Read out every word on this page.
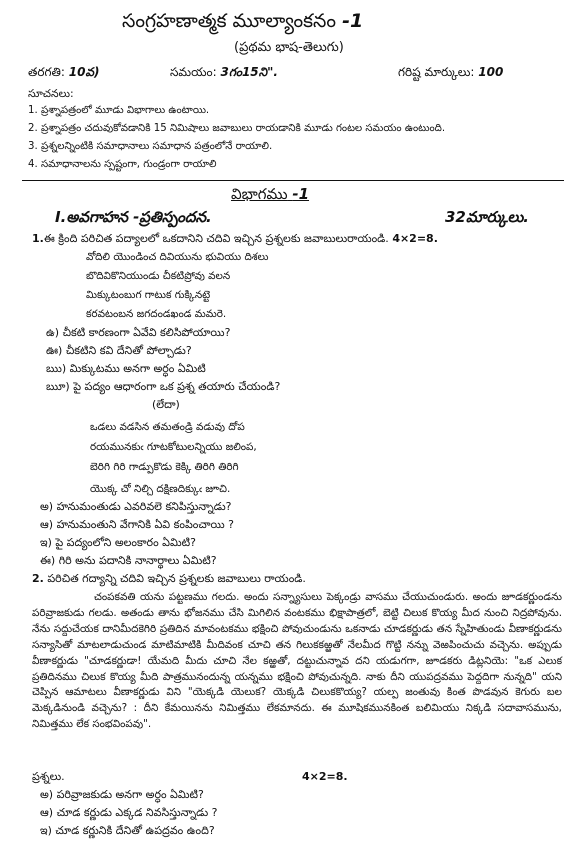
సంగ్రహణాత్మక మూల్యాంకనం -1
(ప్రథమ భాష-తెలుగు)
తరగతి: 10వ)	సమయం: 3గం15ని".	గరిష్ట మార్కులు: 100
సూచనలు:
1. ప్రశ్నాపత్రంలో మూడు విభాగాలు ఉంటాయి.
2. ప్రశ్నాపత్రం చదువుకోవడానికి 15 నిమిషాలు జవాబులు రాయడానికి మూడు గంటల సమయం ఉంటుంది.
3. ప్రశ్నలన్నింటికి సమాధానాలు సమాధాన పత్రంలోనే రాయాలి.
4. సమాధానాలను స్పష్టంగా, గుండ్రంగా రాయాలి
విభాగము -1
I.అవగాహన -ప్రతిస్పందన.	32మార్కులు.
1.ఈ క్రింది పరిచిత పద్యాలలో ఒకదానిని చదివి ఇచ్చిన ప్రశ్నలకు జవాబులురాయండి. 4×2=8.
వోదిలి యొండించ దివియును భువియు దిశలు
బొదివికొనియుండు చీకటిప్రోవు వలన
మిక్కుటంబుగ గాటుక గుక్కినట్టె
కరవటంబన జగదండఖండ మమరె.
ఉ) చీకటి కారణంగా ఏవేవి కలిసిపోయాయి?
ఊ) చీకటిని కవి దేనితో పోల్చాడు?
ఋ) మిక్కుటము అనగా అర్ధం ఏమిటి
ౠ) పై పద్యం ఆధారంగా ఒక ప్రశ్న తయారు చేయండి?
(లేదా)
ఒడలు వడసిన తమతండ్రి వడువు దోప
రయమునకుఁ గూటకోటులన్నియు జలింప,
బెరిగి గిరి గాడ్పుకొడు కెక్కి తిరిగి తిరిగి
యొక్క చో నిల్చి దక్షిణదిక్కుఁ జూచి.
అ) హనుమంతుడు ఎవరివలె కనిపిస్తున్నాడు?
ఆ) హనుమంతుని వేగానికి ఏవి కంపించాయి ?
ఇ) పై పద్యంలోని అలంకారం ఏమిటి?
ఈ) గిరి అను పదానికి నానార్థాలు ఏమిటి?
2. పరిచిత గద్యాన్ని చదివి ఇచ్చిన ప్రశ్నలకు జవాబులు రాయండి.

చంపకవతి యను పట్టణము గలదు. అందు సన్న్యాసులు పెక్కండ్రు వాసము చేయుచుండురు. అందు జూడకర్ణుండను పరివ్రాజకుడు గలడు. అతండు తాను భోజనము చేసి మిగిలిన వంటకము భిక్షాపాత్రలో, బెట్టి చిలుక కొయ్య మీద నుంచి నిద్రపోవును. నేను సద్దుచేయక దానిమీదకెగిరి ప్రతిదిన మావంటకము భక్షించి పోవుచుండును ఒకనాడు చూడకర్ణుడు తన స్నేహితుండు వీణాకర్ణుడను సన్యాసితో మాటలాడుచుండ మాటిమాటికి మీదివంక చూచి తన గిలుకకఱ్ఱతో నేలమీద గొట్టి నన్ను వెఱపించుచు వచ్చెను. అప్పుడు వీణాకర్ణుడు "చూడకర్ణుడా! యేమది మీదు చూచి నేల కఱ్ఱతో, దట్టుచున్నావ దని యడుగగా, జూడకరు డిట్లనియె: "ఒక ఎలుక ప్రతిదినము చిలుక కొయ్య మీది పాత్రమునందున్న యన్నము భక్షించి పోవుచున్నది. నాకు దీని యుపద్రవము పెద్దదిగా నున్నది" యని చెప్పిన ఆమాటలు వీణాకర్ణుడు విని "యెక్కడి యెలుక? యెక్కడి చిలుకకొయ్య? యల్ప జంతువు కింత పొడవున కెగురు బల మెక్కడినుండి వచ్చెను? : దీని కేమయినను నిమిత్తము లేకమానదు. ఈ మూషికమునకింత బలిమియు నిక్కడి సదావాసమును, నిమిత్తము లేక సంభవింపవు".

ప్రశ్నలు.	4×2=8.
అ) పరివ్రాజకుడు అనగా అర్ధం ఏమిటి?
ఆ) చూడ కర్ణుడు ఎక్కడ నివసిస్తున్నాడు ?
ఇ) చూడ కర్ణునికి దేనితో ఉపద్రవం ఉంది?
